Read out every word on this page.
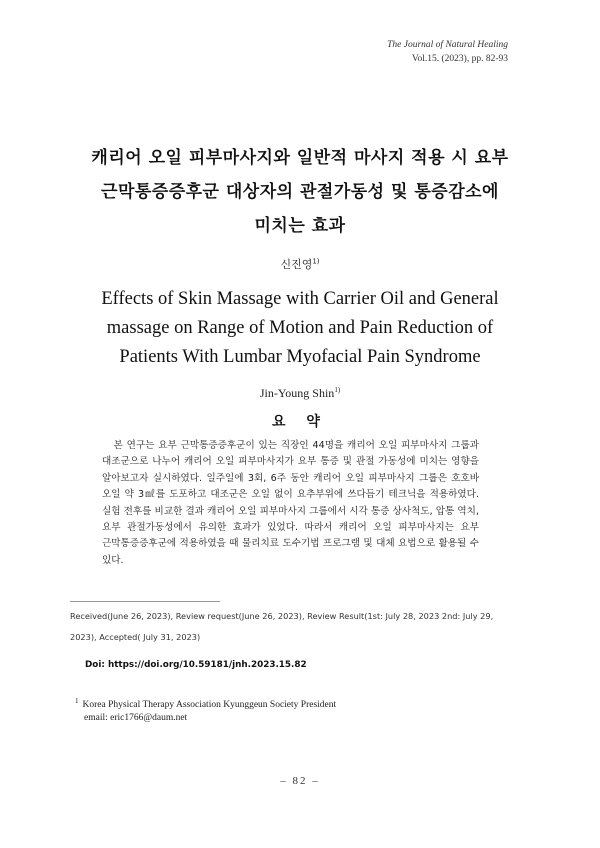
The Journal of Natural Healing
Vol.15. (2023), pp. 82-93
캐리어 오일 피부마사지와 일반적 마사지 적용 시 요부
근막통증증후군 대상자의 관절가동성 및 통증감소에
미치는 효과
신진영$^{1)}$
Effects of Skin Massage with Carrier Oil and General
massage on Range of Motion and Pain Reduction of
Patients With Lumbar Myofacial Pain Syndrome
Jin-Young Shin$^{1)}$
요 약
본 연구는 요부 근막통증증후군이 있는 직장인 44명을 캐리어 오일 피부마사지 그룹과 대조군으로 나누어 캐리어 오일 피부마사지가 요부 통증 및 관절 가동성에 미치는 영향을 알아보고자 실시하였다. 일주일에 3회, 6주 동안 캐리어 오일 피부마사지 그룹은 호호바 오일 약 3㎖를 도포하고 대조군은 오일 없이 요추부위에 쓰다듬기 테크닉을 적용하였다. 실험 전후를 비교한 결과 캐리어 오일 피부마사지 그룹에서 시각 통증 상사척도, 압통 역치, 요부 관절가동성에서 유의한 효과가 있었다. 따라서 캐리어 오일 피부마사지는 요부 근막통증증후군에 적용하였을 때 물리치료 도수기법 프로그램 및 대체 요법으로 활용될 수 있다.
Received(June 26, 2023), Review request(June 26, 2023), Review Result(1st: July 28, 2023 2nd: July 29, 2023), Accepted( July 31, 2023)
Doi: https://doi.org/10.59181/jnh.2023.15.82
$^1$ Korea Physical Therapy Association Kyunggeun Society President
email: eric1766@daum.net
– 82 –
